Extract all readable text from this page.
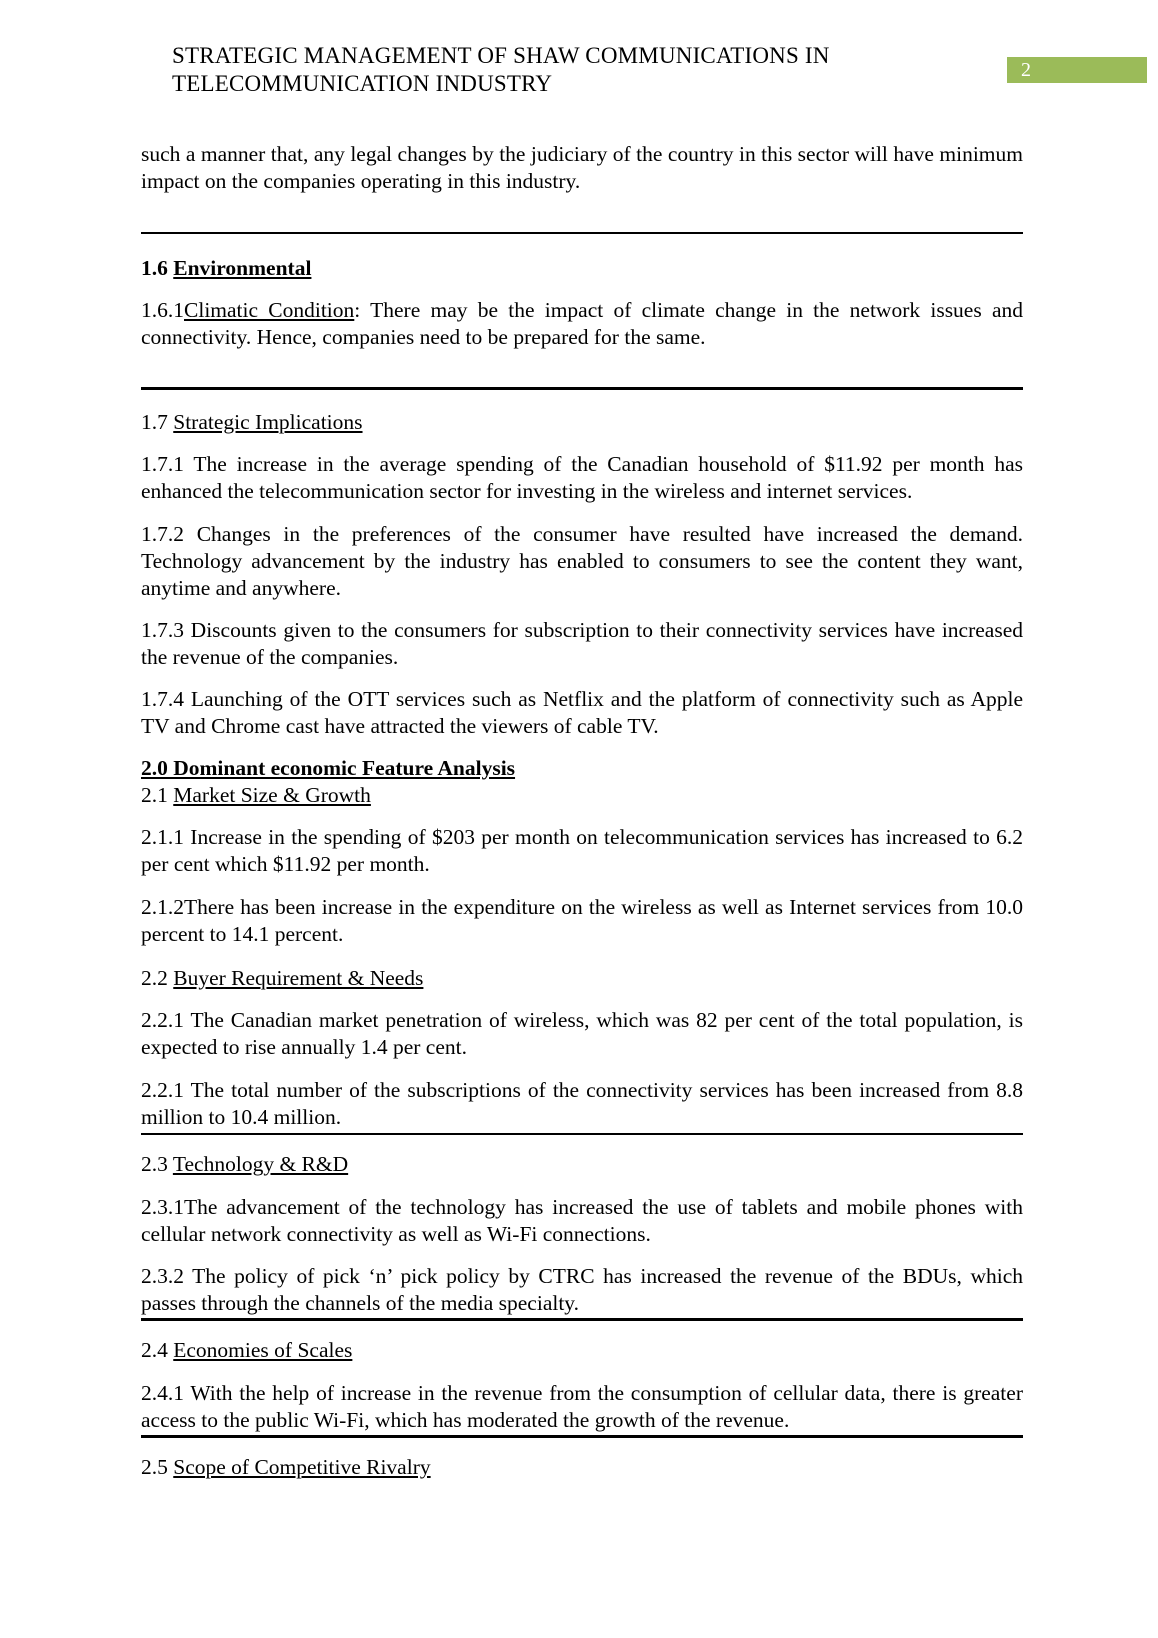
STRATEGIC MANAGEMENT OF SHAW COMMUNICATIONS IN TELECOMMUNICATION INDUSTRY
2

such a manner that, any legal changes by the judiciary of the country in this sector will have minimum impact on the companies operating in this industry.

1.6 Environmental

1.6.1Climatic Condition: There may be the impact of climate change in the network issues and connectivity. Hence, companies need to be prepared for the same.

1.7 Strategic Implications

1.7.1 The increase in the average spending of the Canadian household of $11.92 per month has enhanced the telecommunication sector for investing in the wireless and internet services.

1.7.2 Changes in the preferences of the consumer have resulted have increased the demand. Technology advancement by the industry has enabled to consumers to see the content they want, anytime and anywhere.

1.7.3 Discounts given to the consumers for subscription to their connectivity services have increased the revenue of the companies.

1.7.4 Launching of the OTT services such as Netflix and the platform of connectivity such as Apple TV and Chrome cast have attracted the viewers of cable TV.

2.0 Dominant economic Feature Analysis
2.1 Market Size & Growth

2.1.1 Increase in the spending of $203 per month on telecommunication services has increased to 6.2 per cent which $11.92 per month.

2.1.2There has been increase in the expenditure on the wireless as well as Internet services from 10.0 percent to 14.1 percent.

2.2 Buyer Requirement & Needs

2.2.1 The Canadian market penetration of wireless, which was 82 per cent of the total population, is expected to rise annually 1.4 per cent.

2.2.1 The total number of the subscriptions of the connectivity services has been increased from 8.8 million to 10.4 million.

2.3 Technology & R&D

2.3.1The advancement of the technology has increased the use of tablets and mobile phones with cellular network connectivity as well as Wi-Fi connections.

2.3.2 The policy of pick ‘n’ pick policy by CTRC has increased the revenue of the BDUs, which passes through the channels of the media specialty.

2.4 Economies of Scales

2.4.1 With the help of increase in the revenue from the consumption of cellular data, there is greater access to the public Wi-Fi, which has moderated the growth of the revenue.

2.5 Scope of Competitive Rivalry
